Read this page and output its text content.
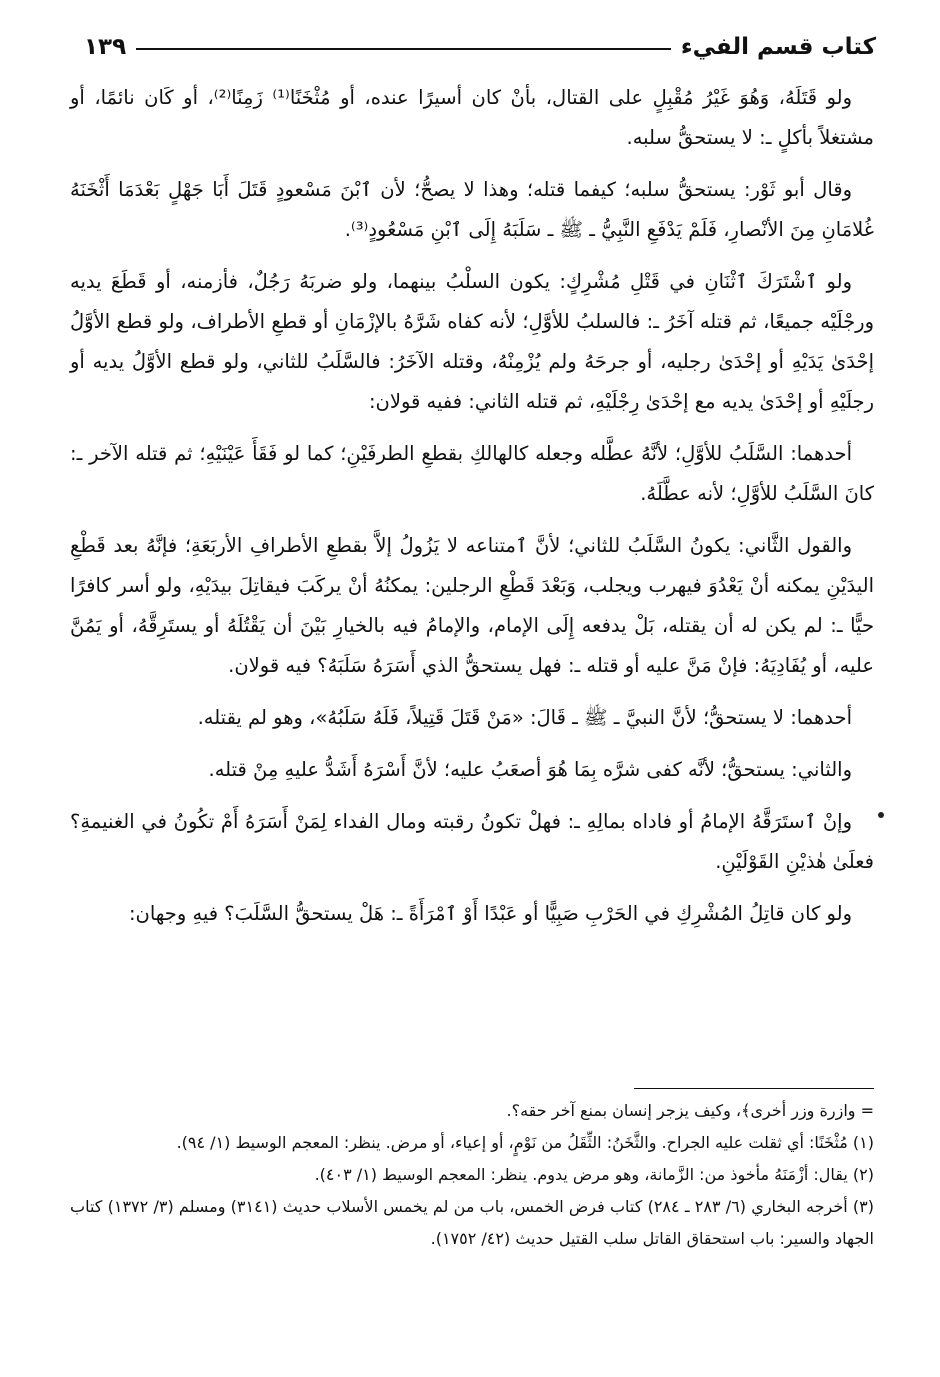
كتاب قسم الفيء
١٣٩

ولو قَتَلَهُ، وَهُوَ غَيْرُ مُقْبِلٍ على القتال، بأنْ كان أسيرًا عنده، أو مُثْخَنًا⁽¹⁾ زَمِنًا⁽²⁾، أو كَان نائمًا، أو مشتغلاً بأكلٍ ـ: لا يستحقُّ سلبه.

وقال أبو ثَوْر: يستحقُّ سلبه؛ كيفما قتله؛ وهذا لا يصحُّ؛ لأن ٱبْنَ مَسْعودٍ قَتَلَ أَبَا جَهْلٍ بَعْدَمَا أَثْخَنَهُ غُلامَانِ مِنَ الأنْصارِ، فَلَمْ يَدْفَعِ النَّبِيُّ ـ ﷺ ـ سَلَبَهُ إِلَى ٱبْنِ مَسْعُودٍ⁽³⁾.

ولو ٱشْتَرَكَ ٱثْنَانِ في قَتْلِ مُشْرِكٍ: يكون السلْبُ بينهما، ولو ضربَهُ رَجُلٌ، فأزمنه، أو قَطَعَ يديه ورجْلَيْه جميعًا، ثم قتله آخَرُ ـ: فالسلبُ للأوَّلِ؛ لأنه كفاه شَرَّهُ بالإزْمَانِ أو قطعِ الأطراف، ولو قطع الأوَّلُ إحْدَىٰ يَدَيْهِ أو إحْدَىٰ رجليه، أو جرحَهُ ولم يُزْمِنْهُ، وقتله الآخَرُ: فالسَّلَبُ للثاني، ولو قطع الأوَّلُ يديه أو رجلَيْهِ أو إحْدَىٰ يديه مع إحْدَىٰ رِجْلَيْهِ، ثم قتله الثاني: ففيه قولان:

أحدهما: السَّلَبُ للأوَّلِ؛ لأنَّهُ عطَّله وجعله كالهالكِ بقطعِ الطرفَيْنِ؛ كما لو فَقَأَ عَيْنَيْهِ؛ ثم قتله الآخر ـ: كانَ السَّلَبُ للأوَّلِ؛ لأنه عطَّلَهُ.

والقول الثَّاني: يكونُ السَّلَبُ للثاني؛ لأنَّ ٱمتناعه لا يَزُولُ إلاَّ بقطعِ الأطرافِ الأربَعَةِ؛ فإنَّهُ بعد قَطْعِ اليدَيْنِ يمكنه أنْ يَعْدُوَ فيهرب ويجلب، وَبَعْدَ قَطْعِ الرجلين: يمكنُهُ أنْ يركَبَ فيقاتِلَ بيدَيْهِ، ولو أسر كافرًا حيًّا ـ: لم يكن له أن يقتله، بَلْ يدفعه إِلَى الإمام، والإمامُ فيه بالخيارِ بَيْنَ أن يَقْتُلَهُ أو يستَرِقَّهُ، أو يَمُنَّ عليه، أو يُفَادِيَهُ: فإنْ مَنَّ عليه أو قتله ـ: فهل يستحقُّ الذي أَسَرَهُ سَلَبَهُ؟ فيه قولان.

أحدهما: لا يستحقُّ؛ لأنَّ النبيَّ ـ ﷺ ـ قَالَ: «مَنْ قَتَلَ قَتِيلاً، فَلَهُ سَلَبُهُ»، وهو لم يقتله.

والثاني: يستحقُّ؛ لأنَّه كفى شرَّه بِمَا هُوَ أصعَبُ عليه؛ لأنَّ أَسْرَهُ أَشَدُّ عليهِ مِنْ قتله.

وإنْ ٱستَرَقَّهُ الإمامُ أو فاداه بمالِهِ ـ: فهلْ تكونُ رقبته ومال الفداء لِمَنْ أَسَرَهُ أَمْ تكُونُ في الغنيمةِ؟ فعلَىٰ هٰذيْنِ القَوْلَيْنِ.

ولو كان قاتِلُ المُشْرِكِ في الحَرْبِ صَبِيًّا أو عَبْدًا أَوْ ٱمْرَأَةً ـ: هَلْ يستحقُّ السَّلَبَ؟ فيهِ وجهان:

= وازرة وزر أخرى﴾، وكيف يزجر إنسان بمنع آخر حقه؟.

(١) مُثْخَنًا: أي ثقلت عليه الجراح. والثَّخَنُ: الثِّقَلُ من نَوْمٍ، أو إعياء، أو مرض. ينظر: المعجم الوسيط (١/ ٩٤).

(٢) يقال: أزْمَنَهُ مأخوذ من: الزَّمانة، وهو مرض يدوم. ينظر: المعجم الوسيط (١/ ٤٠٣).

(٣) أخرجه البخاري (٦/ ٢٨٣ ـ ٢٨٤) كتاب فرض الخمس، باب من لم يخمس الأسلاب حديث (٣١٤١) ومسلم (٣/ ١٣٧٢) كتاب الجهاد والسير: باب استحقاق القاتل سلب القتيل حديث (٤٢/ ١٧٥٢).
